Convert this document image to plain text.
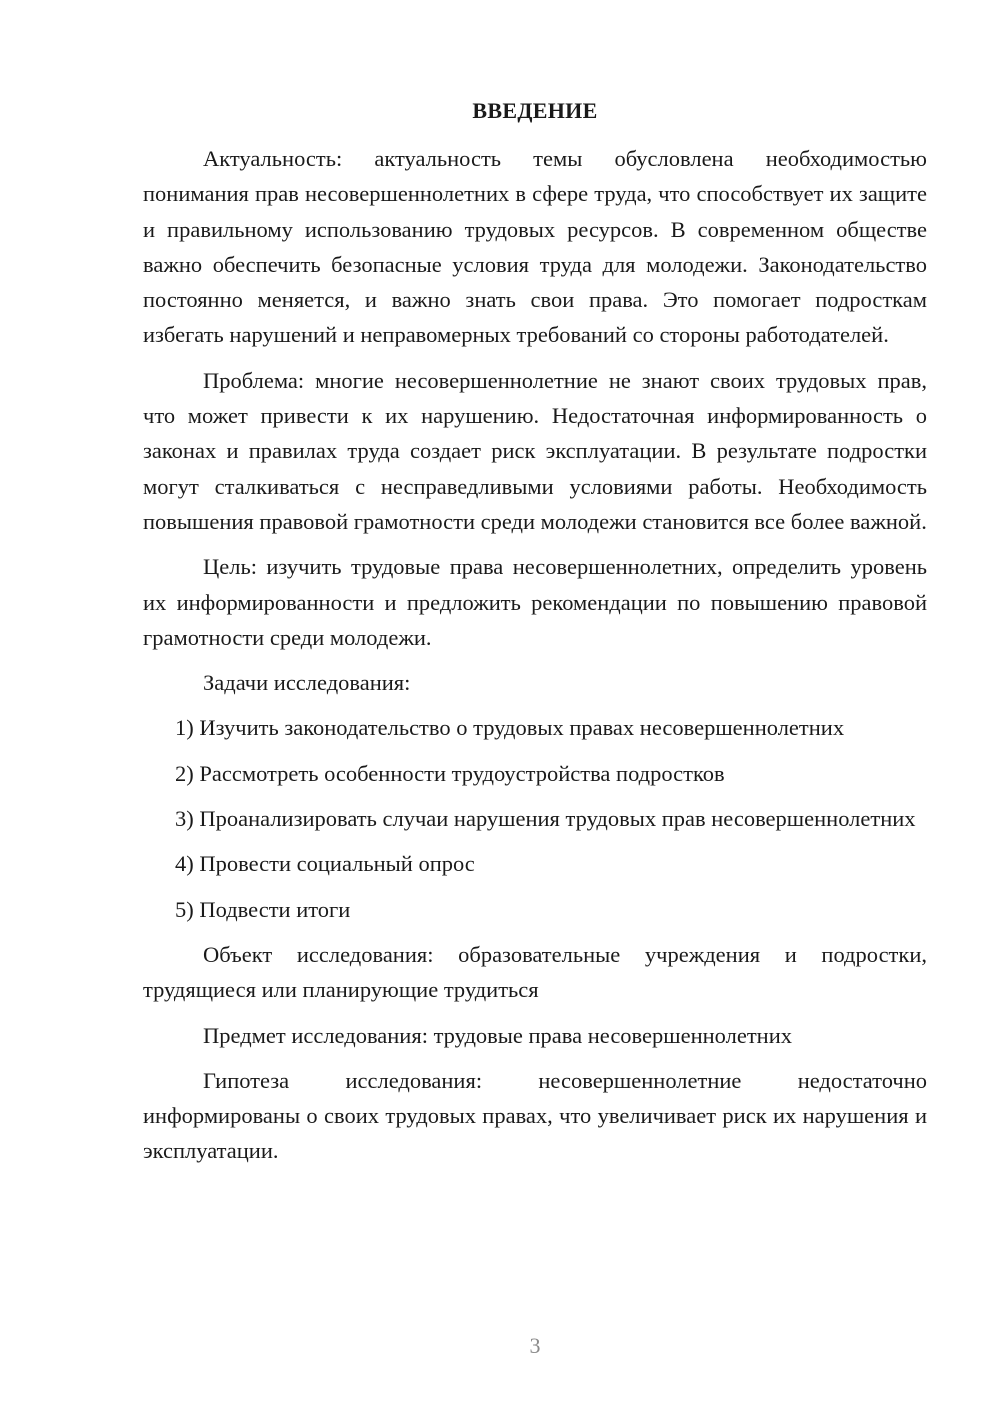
ВВЕДЕНИЕ

Актуальность: актуальность темы обусловлена необходимостью понимания прав несовершеннолетних в сфере труда, что способствует их защите и правильному использованию трудовых ресурсов. В современном обществе важно обеспечить безопасные условия труда для молодежи. Законодательство постоянно меняется, и важно знать свои права. Это помогает подросткам избегать нарушений и неправомерных требований со стороны работодателей.

Проблема: многие несовершеннолетние не знают своих трудовых прав, что может привести к их нарушению. Недостаточная информированность о законах и правилах труда создает риск эксплуатации. В результате подростки могут сталкиваться с несправедливыми условиями работы. Необходимость повышения правовой грамотности среди молодежи становится все более важной.

Цель: изучить трудовые права несовершеннолетних, определить уровень их информированности и предложить рекомендации по повышению правовой грамотности среди молодежи.

Задачи исследования:

1) Изучить законодательство о трудовых правах несовершеннолетних

2) Рассмотреть особенности трудоустройства подростков

3) Проанализировать случаи нарушения трудовых прав несовершеннолетних

4) Провести социальный опрос

5) Подвести итоги

Объект исследования: образовательные учреждения и подростки, трудящиеся или планирующие трудиться

Предмет исследования: трудовые права несовершеннолетних

Гипотеза исследования: несовершеннолетние недостаточно информированы о своих трудовых правах, что увеличивает риск их нарушения и эксплуатации.

3
